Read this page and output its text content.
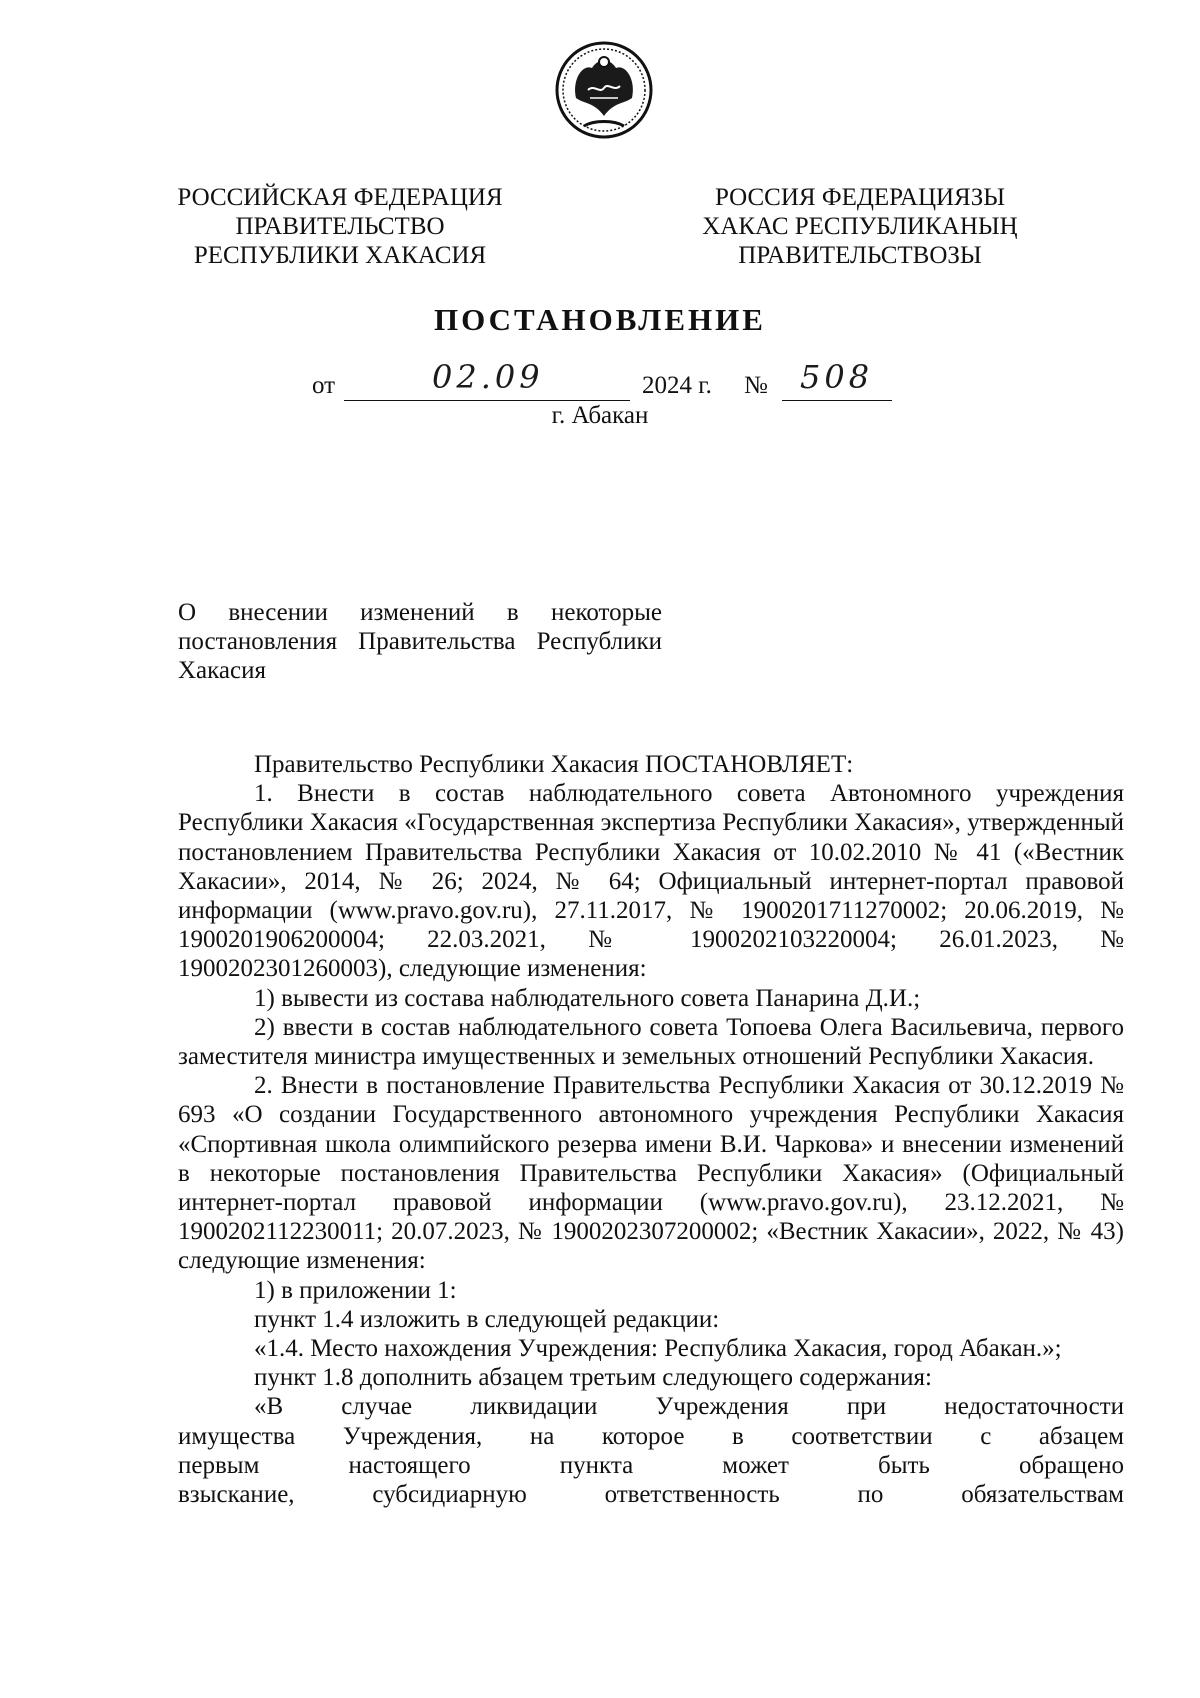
РОССИЙСКАЯ ФЕДЕРАЦИЯ
ПРАВИТЕЛЬСТВО
РЕСПУБЛИКИ ХАКАСИЯ
РОССИЯ ФЕДЕРАЦИЯЗЫ
ХАКАС РЕСПУБЛИКАНЫҢ
ПРАВИТЕЛЬСТВОЗЫ
ПОСТАНОВЛЕНИЕ
от	02.09	2024 г. № 508
г. Абакан
О внесении изменений в некоторые
постановления Правительства Республики
Хакасия
Правительство Республики Хакасия ПОСТАНОВЛЯЕТ:
1. Внести в состав наблюдательного совета Автономного учреждения Республики Хакасия «Государственная экспертиза Республики Хакасия», утвержденный постановлением Правительства Республики Хакасия от 10.02.2010 № 41 («Вестник Хакасии», 2014, № 26; 2024, № 64; Официальный интернет-портал правовой информации (www.pravo.gov.ru), 27.11.2017, № 1900201711270002; 20.06.2019, № 1900201906200004; 22.03.2021, № 1900202103220004; 26.01.2023, № 1900202301260003), следующие изменения:
1) вывести из состава наблюдательного совета Панарина Д.И.;
2) ввести в состав наблюдательного совета Топоева Олега Васильевича, первого заместителя министра имущественных и земельных отношений Республики Хакасия.
2. Внести в постановление Правительства Республики Хакасия от 30.12.2019 № 693 «О создании Государственного автономного учреждения Республики Хакасия «Спортивная школа олимпийского резерва имени В.И. Чаркова» и внесении изменений в некоторые постановления Правительства Республики Хакасия» (Официальный интернет-портал правовой информации (www.pravo.gov.ru), 23.12.2021, № 1900202112230011; 20.07.2023, № 1900202307200002; «Вестник Хакасии», 2022, № 43) следующие изменения:
1) в приложении 1:
пункт 1.4 изложить в следующей редакции:
«1.4. Место нахождения Учреждения: Республика Хакасия, город Абакан.»;
пункт 1.8 дополнить абзацем третьим следующего содержания:
«В случае ликвидации Учреждения при недостаточности
имущества Учреждения, на которое в соответствии с абзацем
первым настоящего пункта может быть обращено
взыскание, субсидиарную ответственность по обязательствам
